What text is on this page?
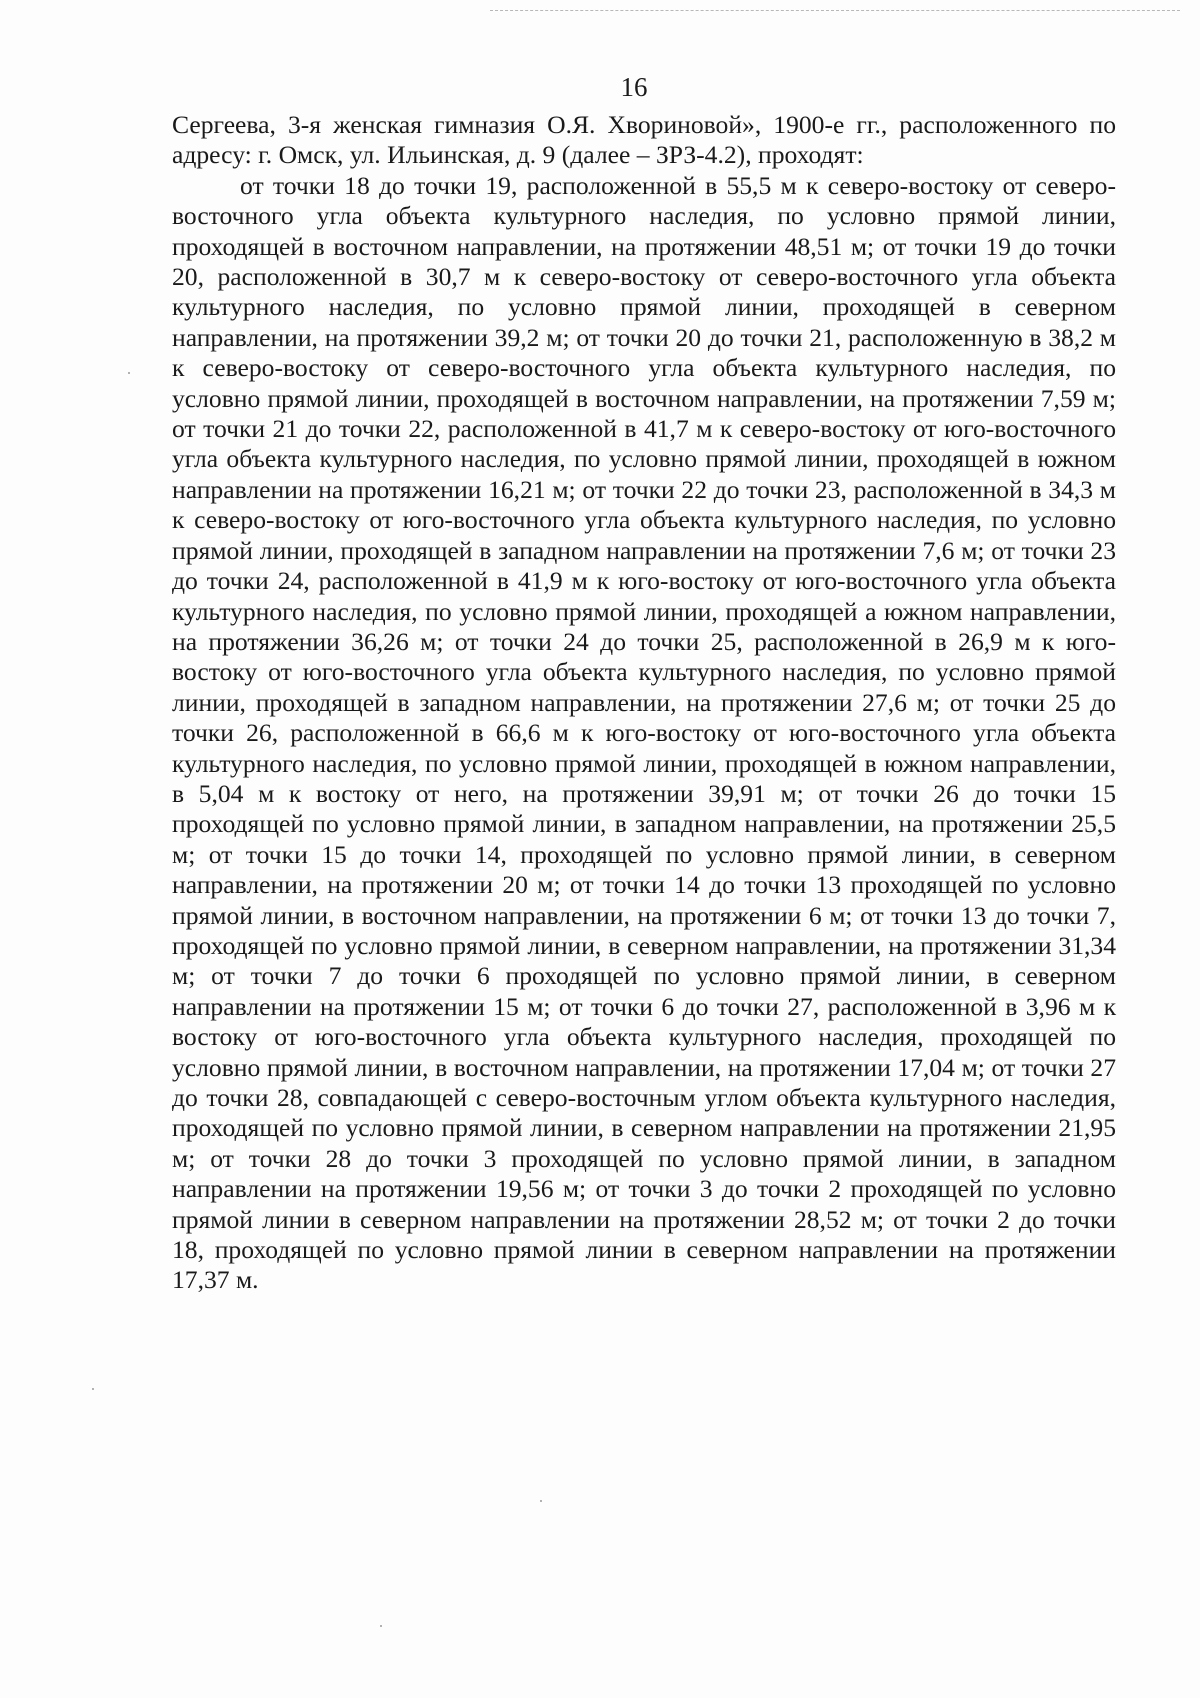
16

Сергеева, 3-я женская гимназия О.Я. Хвориновой», 1900-е гг., расположенного по адресу: г. Омск, ул. Ильинская, д. 9 (далее – ЗРЗ-4.2), проходят:

от точки 18 до точки 19, расположенной в 55,5 м к северо-востоку от северо-восточного угла объекта культурного наследия, по условно прямой линии, проходящей в восточном направлении, на протяжении 48,51 м; от точки 19 до точки 20, расположенной в 30,7 м к северо-востоку от северо-восточного угла объекта культурного наследия, по условно прямой линии, проходящей в северном направлении, на протяжении 39,2 м; от точки 20 до точки 21, расположенную в 38,2 м к северо-востоку от северо-восточного угла объекта культурного наследия, по условно прямой линии, проходящей в восточном направлении, на протяжении 7,59 м; от точки 21 до точки 22, расположенной в 41,7 м к северо-востоку от юго-восточного угла объекта культурного наследия, по условно прямой линии, проходящей в южном направлении на протяжении 16,21 м; от точки 22 до точки 23, расположенной в 34,3 м к северо-востоку от юго-восточного угла объекта культурного наследия, по условно прямой линии, проходящей в западном направлении на протяжении 7,6 м; от точки 23 до точки 24, расположенной в 41,9 м к юго-востоку от юго-восточного угла объекта культурного наследия, по условно прямой линии, проходящей а южном направлении, на протяжении 36,26 м; от точки 24 до точки 25, расположенной в 26,9 м к юго-востоку от юго-восточного угла объекта культурного наследия, по условно прямой линии, проходящей в западном направлении, на протяжении 27,6 м; от точки 25 до точки 26, расположенной в 66,6 м к юго-востоку от юго-восточного угла объекта культурного наследия, по условно прямой линии, проходящей в южном направлении, в 5,04 м к востоку от него, на протяжении 39,91 м; от точки 26 до точки 15 проходящей по условно прямой линии, в западном направлении, на протяжении 25,5 м; от точки 15 до точки 14, проходящей по условно прямой линии, в северном направлении, на протяжении 20 м; от точки 14 до точки 13 проходящей по условно прямой линии, в восточном направлении, на протяжении 6 м; от точки 13 до точки 7, проходящей по условно прямой линии, в северном направлении, на протяжении 31,34 м; от точки 7 до точки 6 проходящей по условно прямой линии, в северном направлении на протяжении 15 м; от точки 6 до точки 27, расположенной в 3,96 м к востоку от юго-восточного угла объекта культурного наследия, проходящей по условно прямой линии, в восточном направлении, на протяжении 17,04 м; от точки 27 до точки 28, совпадающей с северо-восточным углом объекта культурного наследия, проходящей по условно прямой линии, в северном направлении на протяжении 21,95 м; от точки 28 до точки 3 проходящей по условно прямой линии, в западном направлении на протяжении 19,56 м; от точки 3 до точки 2 проходящей по условно прямой линии в северном направлении на протяжении 28,52 м; от точки 2 до точки 18, проходящей по условно прямой линии в северном направлении на протяжении 17,37 м.
